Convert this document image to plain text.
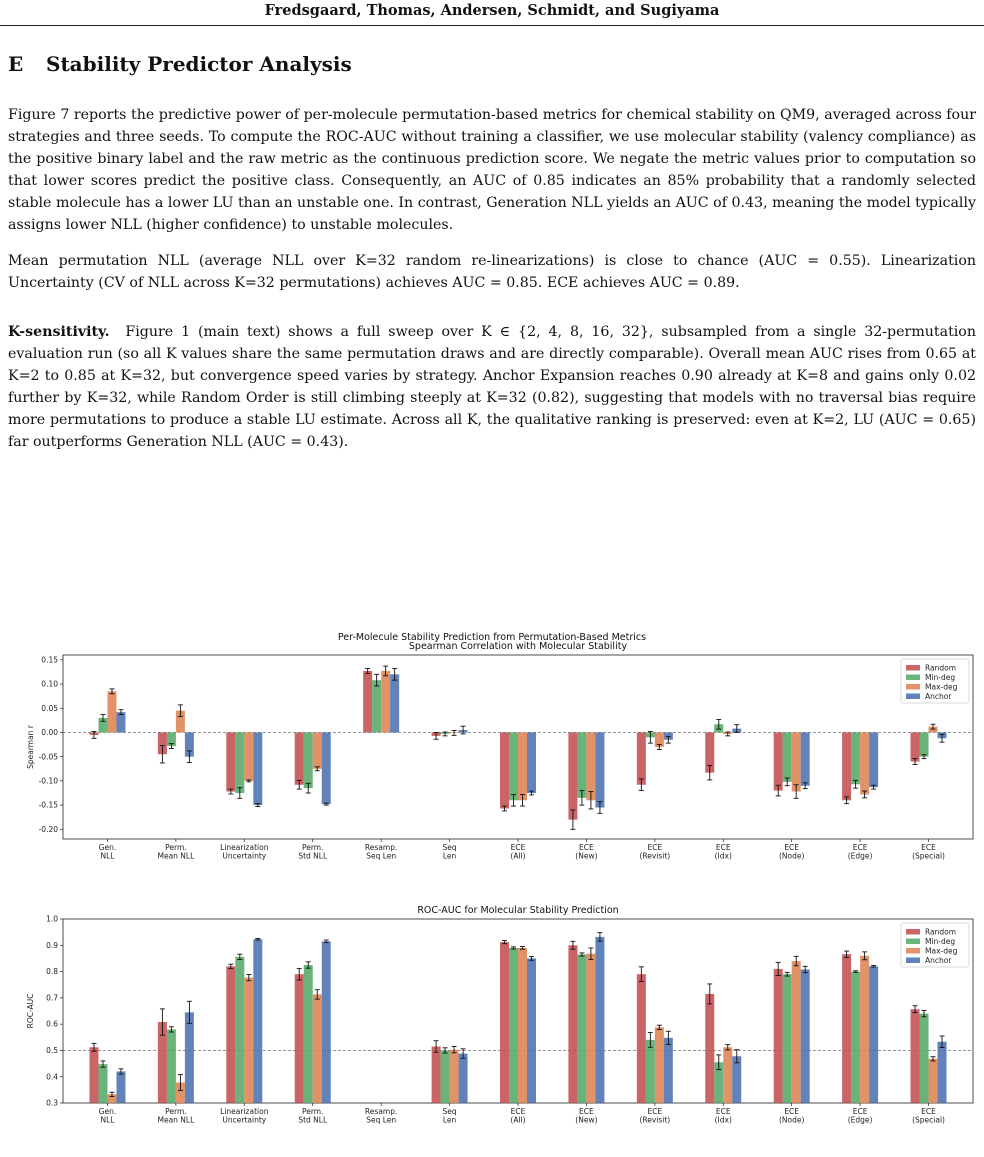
Fredsgaard, Thomas, Andersen, Schmidt, and Sugiyama
E Stability Predictor Analysis

Figure 7 reports the predictive power of per-molecule permutation-based metrics for chemical stability on QM9, averaged across four strategies and three seeds. To compute the ROC-AUC without training a classifier, we use molecular stability (valency compliance) as the positive binary label and the raw metric as the continuous prediction score. We negate the metric values prior to computation so that lower scores predict the positive class. Consequently, an AUC of 0.85 indicates an 85% probability that a randomly selected stable molecule has a lower LU than an unstable one. In contrast, Generation NLL yields an AUC of 0.43, meaning the model typically assigns lower NLL (higher confidence) to unstable molecules.

Mean permutation NLL (average NLL over K=32 random re-linearizations) is close to chance (AUC = 0.55). Linearization Uncertainty (CV of NLL across K=32 permutations) achieves AUC = 0.85. ECE achieves AUC = 0.89.

K-sensitivity. Figure 1 (main text) shows a full sweep over K ∈ {2, 4, 8, 16, 32}, subsampled from a single 32-permutation evaluation run (so all K values share the same permutation draws and are directly comparable). Overall mean AUC rises from 0.65 at K=2 to 0.85 at K=32, but convergence speed varies by strategy. Anchor Expansion reaches 0.90 already at K=8 and gains only 0.02 further by K=32, while Random Order is still climbing steeply at K=32 (0.82), suggesting that models with no traversal bias require more permutations to produce a stable LU estimate. Across all K, the qualitative ranking is preserved: even at K=2, LU (AUC = 0.65) far outperforms Generation NLL (AUC = 0.43).

Per-Molecule Stability Prediction from Permutation-Based Metrics
Spearman Correlation with Molecular Stability
0.15
0.10
0.05
0.00
-0.05
-0.10
-0.15
-0.20
Spearman r
Gen.
NLL
Perm.
Mean NLL
Linearization
Uncertainty
Perm.
Std NLL
Resamp.
Seq Len
Seq
Len
ECE
(All)
ECE
(New)
ECE
(Revisit)
ECE
(Idx)
ECE
(Node)
ECE
(Edge)
ECE
(Special)
Random
Min-deg
Max-deg
Anchor
ROC-AUC for Molecular Stability Prediction
1.0
0.9
0.8
0.7
0.6
0.5
0.4
0.3
ROC-AUC
Gen.
NLL
Perm.
Mean NLL
Linearization
Uncertainty
Perm.
Std NLL
Resamp.
Seq Len
Seq
Len
ECE
(All)
ECE
(New)
ECE
(Revisit)
ECE
(Idx)
ECE
(Node)
ECE
(Edge)
ECE
(Special)
Random
Min-deg
Max-deg
Anchor
